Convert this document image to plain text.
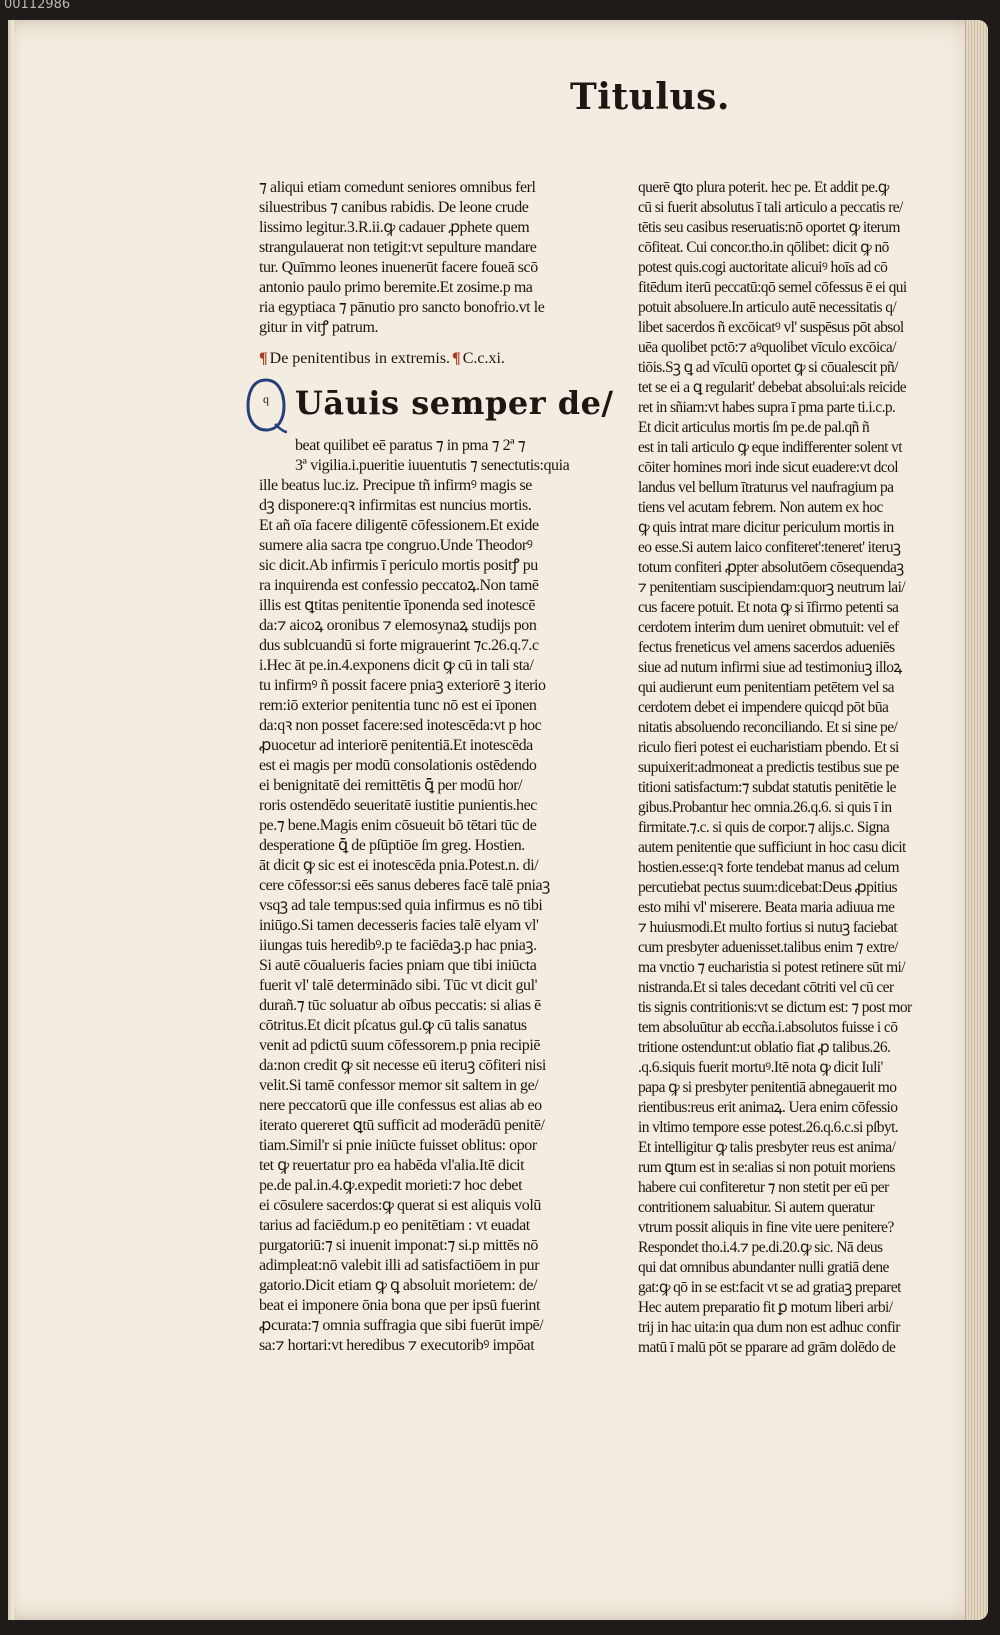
00112986
Titulus.
⁊ aliqui etiam comedunt seniores omnibus ferl
siluestribus ⁊ canibus rabidis. De leone crude
lissimo legitur.3.R.ii.ꝙ cadauer ꝓphete quem
strangulauerat non tetigit:vt sepulture mandare
tur. Quīmmo leones inuenerūt facere foueā scō
antonio paulo primo beremite.Et zosime.p ma
ria egyptiaca ⁊ pānutio pro sancto bonofrio.vt le
gitur in vitꝭ patrum.
¶ De penitentibus in extremis. ¶ C.c.xi.
q Uāuis semper de/
beat quilibet eē paratus ⁊ in pma ⁊ 2ª ⁊
3ª vigilia.i.pueritie iuuentutis ⁊ senectutis:quia
ille beatus luc.iz. Precipue tñ infirmꝰ magis se
dꝫ disponere:qꝛ infirmitas est nuncius mortis.
Et añ oīa facere diligentē cōfessionem.Et exide
sumere alia sacra tpe congruo.Unde Theodorꝰ
sic dicit.Ab infirmis ī periculo mortis positꝭ pu
ra inquirenda est confessio peccatoꝝ.Non tamē
illis est ꝗtitas penitentie īponenda sed inotescē
da:⁊ aicoꝝ oronibus ⁊ elemosynaꝝ studijs pon
dus sublcuandū si forte migrauerint ⁊c.26.q.7.c
i.Hec āt pe.in.4.exponens dicit ꝙ cū in tali sta/
tu infirmꝰ ñ possit facere pniaꝫ exteriorē ꝫ iterio
rem:iō exterior penitentia tunc nō est ei īponen
da:qꝛ non posset facere:sed inotescēda:vt p hoc
ꝓuocetur ad interiorē penitentiā.Et inotescēda
est ei magis per modū consolationis ostēdendo
ei benignitatē dei remittētis ꝗ̄ per modū hor/
roris ostendēdo seueritatē iustitie punientis.hec
pe.⁊ bene.Magis enim cōsueuit bō tētari tūc de
desperatione ꝗ̄ de pſūptiōe ſm greg. Hostien.
āt dicit ꝙ sic est ei inotescēda pnia.Potest.n. di/
cere cōfessor:si eēs sanus deberes facē talē pniaꝫ
vsqꝫ ad tale tempus:sed quia infirmus es nō tibi
iniūgo.Si tamen decesseris facies talē elyam vl'
iiungas tuis heredibꝰ.p te faciēdaꝫ.p hac pniaꝫ.
Si autē cōualueris facies pniam que tibi iniūcta
fuerit vl' talē determinādo sibi. Tūc vt dicit gul'
durañ.⁊ tūc soluatur ab oībus peccatis: si alias ē
cōtritus.Et dicit pſcatus gul.ꝙ cū talis sanatus
venit ad pdictū suum cōfessorem.p pnia recipiē
da:non credit ꝙ sit necesse eū iteruꝫ cōfiteri nisi
velit.Si tamē confessor memor sit saltem in ge/
nere peccatorū que ille confessus est alias ab eo
iterato quereret ꝗtū sufficit ad moderādū penitē/
tiam.Simil'r si pnie iniūcte fuisset oblitus: opor
tet ꝙ reuertatur pro ea habēda vl'alia.Itē dicit
pe.de pal.in.4.ꝙ.expedit morieti:⁊ hoc debet
ei cōsulere sacerdos:ꝙ querat si est aliquis volū
tarius ad faciēdum.p eo penitētiam : vt euadat
purgatoriū:⁊ si inuenit imponat:⁊ si.p mittēs nō
adimpleat:nō valebit illi ad satisfactiōem in pur
gatorio.Dicit etiam ꝙ ꝗ absoluit morietem: de/
beat ei imponere ōnia bona que per ipsū fuerint
ꝓcurata:⁊ omnia suffragia que sibi fuerūt impē/
sa:⁊ hortari:vt heredibus ⁊ executoribꝰ impōat
querē ꝗto plura poterit. hec pe. Et addit pe.ꝙ
cū si fuerit absolutus ī tali articulo a peccatis re/
tētis seu casibus reseruatis:nō oportet ꝙ iterum
cōfiteat. Cui concor.tho.in qōlibet: dicit ꝙ nō
potest quis.cogi auctoritate alicuiꝰ hoīs ad cō
fitēdum iterū peccatū:qō semel cōfessus ē ei qui
potuit absoluere.In articulo autē necessitatis q/
libet sacerdos ñ excōicatꝰ vl' suspēsus pōt absol
uēa quolibet pctō:⁊ aꝰquolibet vīculo excōica/
tiōis.Sꝫ ꝗ ad vīculū oportet ꝙ si cōualescit pñ/
tet se ei a ꝗ regularit' debebat absolui:als reicide
ret in sñiam:vt habes supra ī pma parte ti.i.c.p.
Et dicit articulus mortis ſm pe.de pal.qñ ñ
est in tali articulo ꝙ eque indifferenter solent vt
cōiter homines mori inde sicut euadere:vt dcol
landus vel bellum ītraturus vel naufragium pa
tiens vel acutam febrem. Non autem ex hoc
ꝙ quis intrat mare dicitur periculum mortis in
eo esse.Si autem laico confiteret':teneret' iteruꝫ
totum confiteri ꝓpter absolutōem cōsequendaꝫ
⁊ penitentiam suscipiendam:quorꝫ neutrum lai/
cus facere potuit. Et nota ꝙ si īfirmo petenti sa
cerdotem interim dum ueniret obmutuit: vel ef
fectus freneticus vel amens sacerdos adueniēs
siue ad nutum infirmi siue ad testimoniuꝫ illoꝝ
qui audierunt eum penitentiam petētem vel sa
cerdotem debet ei impendere quicqd pōt būa
nitatis absoluendo reconciliando. Et si sine pe/
riculo fieri potest ei eucharistiam pbendo. Et si
supuixerit:admoneat a predictis testibus sue pe
titioni satisfactum:⁊ subdat statutis penitētie le
gibus.Probantur hec omnia.26.q.6. si quis ī in
firmitate.⁊.c. si quis de corpor.⁊ alijs.c. Signa
autem penitentie que sufficiunt in hoc casu dicit
hostien.esse:qꝛ forte tendebat manus ad celum
percutiebat pectus suum:dicebat:Deus ꝓpitius
esto mihi vl' miserere. Beata maria adiuua me
⁊ huiusmodi.Et multo fortius si nutuꝫ faciebat
cum presbyter aduenisset.talibus enim ⁊ extre/
ma vnctio ⁊ eucharistia si potest retinere sūt mi/
nistranda.Et si tales decedant cōtriti vel cū cer
tis signis contritionis:vt se dictum est: ⁊ post mor
tem absoluūtur ab eccña.i.absolutos fuisse i cō
tritione ostendunt:ut oblatio fiat ꝓ talibus.26.
.q.6.siquis fuerit mortuꝰ.Itē nota ꝙ dicit Iuli'
papa ꝙ si presbyter penitentiā abnegauerit mo
rientibus:reus erit animaꝝ. Uera enim cōfessio
in vltimo tempore esse potest.26.q.6.c.si pſbyt.
Et intelligitur ꝙ talis presbyter reus est anima/
rum ꝗtum est in se:alias si non potuit moriens
habere cui confiteretur ⁊ non stetit per eū per
contritionem saluabitur. Si autem queratur
vtrum possit aliquis in fine vite uere penitere?
Respondet tho.i.4.⁊ pe.di.20.ꝙ sic. Nā deus
qui dat omnibus abundanter nulli gratiā dene
gat:ꝙ qō in se est:facit vt se ad gratiaꝫ preparet
Hec autem preparatio fit ꝑ motum liberi arbi/
trij in hac uita:in qua dum non est adhuc confir
matū ī malū pōt se pparare ad grām dolēdo de
